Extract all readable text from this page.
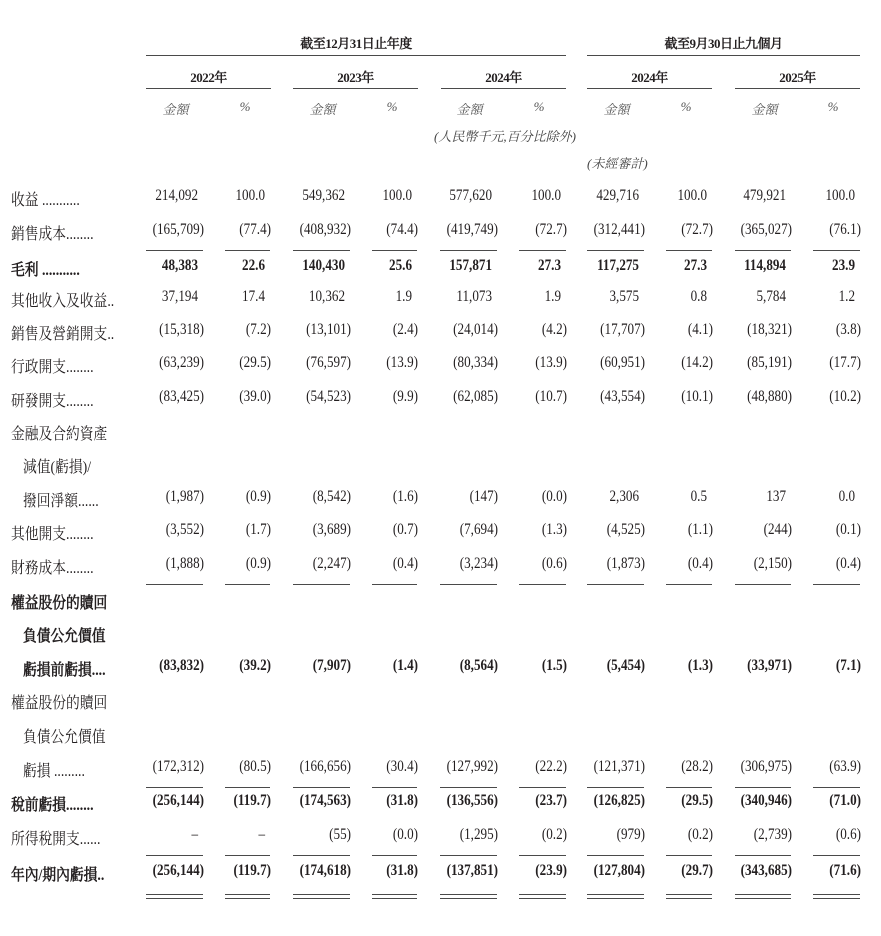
截至12月31日止年度	截至9月30日止九個月
2022年	2023年	2024年	2024年	2025年
金額	%	金額	%	金額	%	金額	%	金額	%
(人民幣千元,百分比除外)
(未經審計)
收益 ...........	214,092	100.0	549,362	100.0	577,620	100.0	429,716	100.0	479,921	100.0
銷售成本........	(165,709)	(77.4)	(408,932)	(74.4)	(419,749)	(72.7)	(312,441)	(72.7)	(365,027)	(76.1)
毛利 ...........	48,383	22.6	140,430	25.6	157,871	27.3	117,275	27.3	114,894	23.9
其他收入及收益..	37,194	17.4	10,362	1.9	11,073	1.9	3,575	0.8	5,784	1.2
銷售及營銷開支..	(15,318)	(7.2)	(13,101)	(2.4)	(24,014)	(4.2)	(17,707)	(4.1)	(18,321)	(3.8)
行政開支........	(63,239)	(29.5)	(76,597)	(13.9)	(80,334)	(13.9)	(60,951)	(14.2)	(85,191)	(17.7)
研發開支........	(83,425)	(39.0)	(54,523)	(9.9)	(62,085)	(10.7)	(43,554)	(10.1)	(48,880)	(10.2)
金融及合約資產
減值(虧損)/
撥回淨額......	(1,987)	(0.9)	(8,542)	(1.6)	(147)	(0.0)	2,306	0.5	137	0.0
其他開支........	(3,552)	(1.7)	(3,689)	(0.7)	(7,694)	(1.3)	(4,525)	(1.1)	(244)	(0.1)
財務成本........	(1,888)	(0.9)	(2,247)	(0.4)	(3,234)	(0.6)	(1,873)	(0.4)	(2,150)	(0.4)
權益股份的贖回
負債公允價值
虧損前虧損....	(83,832)	(39.2)	(7,907)	(1.4)	(8,564)	(1.5)	(5,454)	(1.3)	(33,971)	(7.1)
權益股份的贖回
負債公允價值
虧損 .........	(172,312)	(80.5)	(166,656)	(30.4)	(127,992)	(22.2)	(121,371)	(28.2)	(306,975)	(63.9)
稅前虧損........	(256,144)	(119.7)	(174,563)	(31.8)	(136,556)	(23.7)	(126,825)	(29.5)	(340,946)	(71.0)
所得稅開支......	–	–	(55)	(0.0)	(1,295)	(0.2)	(979)	(0.2)	(2,739)	(0.6)
年內/期內虧損..	(256,144)	(119.7)	(174,618)	(31.8)	(137,851)	(23.9)	(127,804)	(29.7)	(343,685)	(71.6)
